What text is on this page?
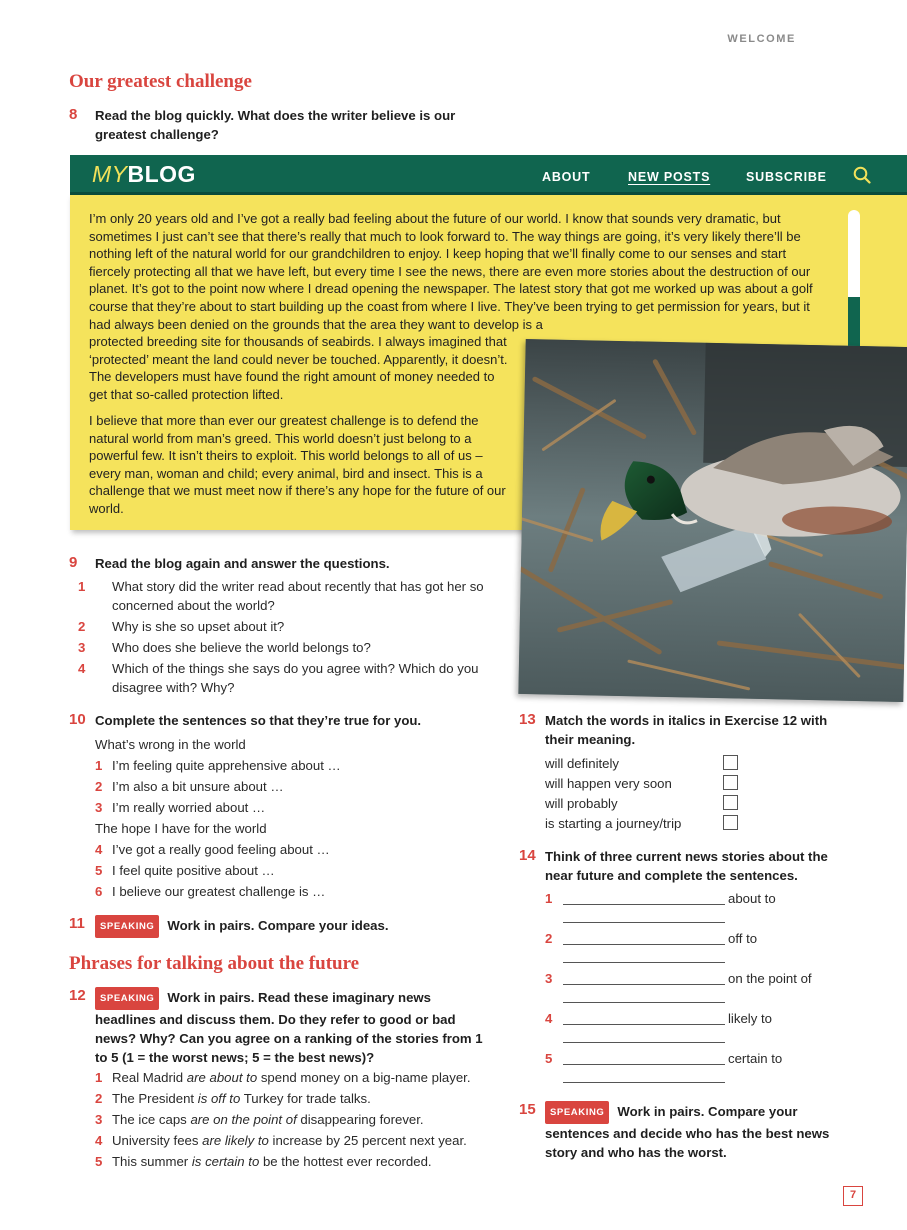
WELCOME
Our greatest challenge
8 Read the blog quickly. What does the writer believe is our greatest challenge?
MYBLOG	ABOUT	NEW POSTS	SUBSCRIBE
I’m only 20 years old and I’ve got a really bad feeling about the future of our world. I know that sounds very dramatic, but sometimes I just can’t see that there’s really that much to look forward to. The way things are going, it’s very likely there’ll be nothing left of the natural world for our grandchildren to enjoy. I keep hoping that we’ll finally come to our senses and start fiercely protecting all that we have left, but every time I see the news, there are even more stories about the destruction of our planet. It’s got to the point now where I dread opening the newspaper. The latest story that got me worked up was about a golf course that they’re about to start building up the coast from where I live. They’ve been trying to get permission for years, but it had always been denied on the grounds that the area they want to develop is a
protected breeding site for thousands of seabirds. I always imagined that ‘protected’ meant the land could never be touched. Apparently, it doesn’t. The developers must have found the right amount of money needed to get that so-called protection lifted.
I believe that more than ever our greatest challenge is to defend the natural world from man’s greed. This world doesn’t just belong to a powerful few. It isn’t theirs to exploit. This world belongs to all of us – every man, woman and child; every animal, bird and insect. This is a challenge that we must meet now if there’s any hope for the future of our world.
9 Read the blog again and answer the questions.
1 What story did the writer read about recently that has got her so concerned about the world?
2 Why is she so upset about it?
3 Who does she believe the world belongs to?
4 Which of the things she says do you agree with? Which do you disagree with? Why?
10 Complete the sentences so that they’re true for you.
What’s wrong in the world
1 I’m feeling quite apprehensive about …
2 I’m also a bit unsure about …
3 I’m really worried about …
The hope I have for the world
4 I’ve got a really good feeling about …
5 I feel quite positive about …
6 I believe our greatest challenge is …
11	SPEAKING Work in pairs. Compare your ideas.
Phrases for talking about the future
12	SPEAKING Work in pairs. Read these imaginary news headlines and discuss them. Do they refer to good or bad news? Why? Can you agree on a ranking of the stories from 1 to 5 (1 = the worst news; 5 = the best news)?
1 Real Madrid are about to spend money on a big-name player.
2 The President is off to Turkey for trade talks.
3 The ice caps are on the point of disappearing forever.
4 University fees are likely to increase by 25 percent next year.
5 This summer is certain to be the hottest ever recorded.
13 Match the words in italics in Exercise 12 with their meaning.
will definitely
will happen very soon
will probably
is starting a journey/trip
14 Think of three current news stories about the near future and complete the sentences.
1	about to
2	off to
3	on the point of
4	likely to
5	certain to
15	SPEAKING Work in pairs. Compare your sentences and decide who has the best news story and who has the worst.
7
